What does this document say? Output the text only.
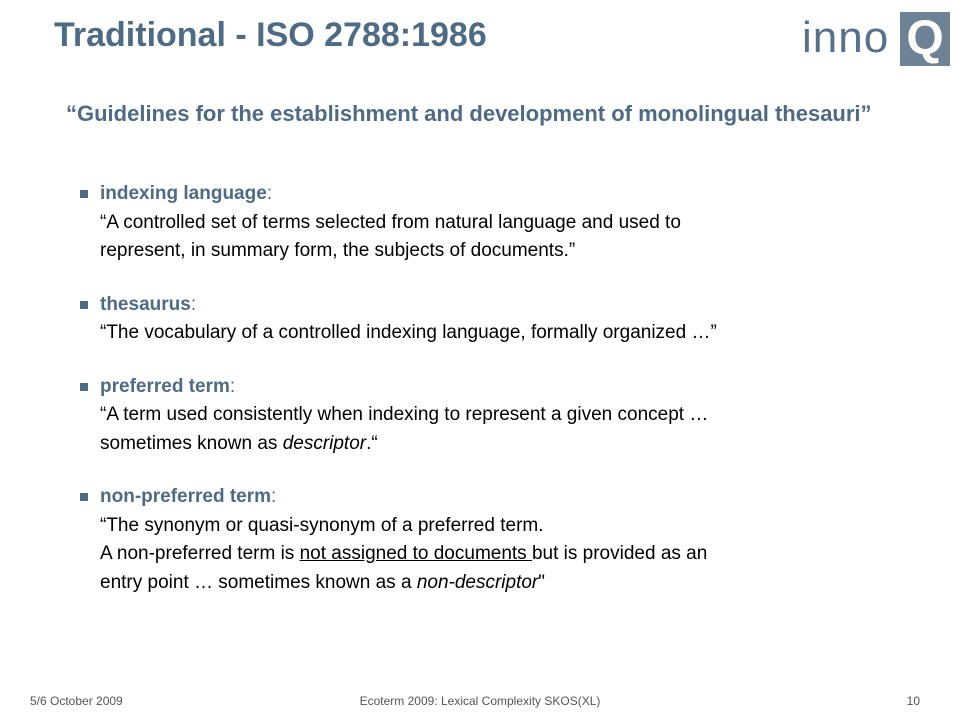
Traditional - ISO 2788:1986	inno Q

“Guidelines for the establishment and development of monolingual thesauri”

indexing language:
“A controlled set of terms selected from natural language and used to
represent, in summary form, the subjects of documents.”
thesaurus:
“The vocabulary of a controlled indexing language, formally organized …”
preferred term:
“A term used consistently when indexing to represent a given concept …
sometimes known as descriptor.“
non-preferred term:
“The synonym or quasi-synonym of a preferred term.
A non-preferred term is not assigned to documents but is provided as an
entry point … sometimes known as a non-descriptor"
5/6 October 2009	Ecoterm 2009: Lexical Complexity SKOS(XL)	10
